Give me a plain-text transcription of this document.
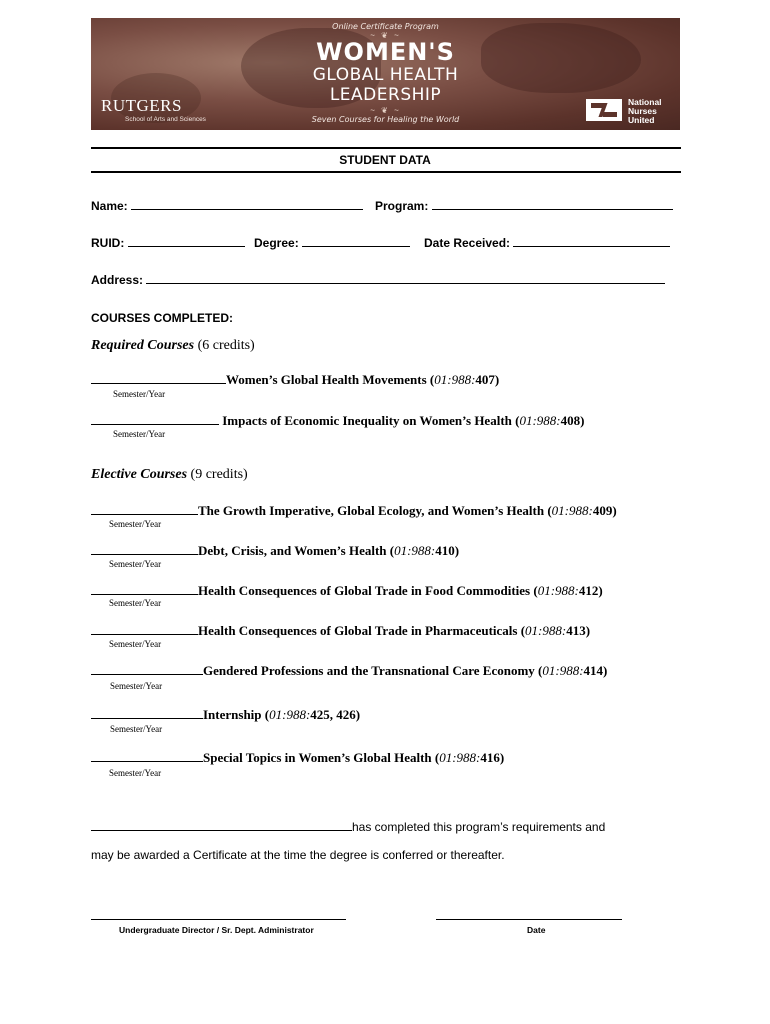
Online Certificate Program
~ ❦ ~
WOMEN'S
GLOBAL HEALTH
LEADERSHIP
~ ❦ ~
Seven Courses for Healing the World
RUTGERS
School of Arts and Sciences
National
Nurses
United
STUDENT DATA
Name:	Program:
RUID:	Degree:	Date Received:
Address:
COURSES COMPLETED:
Required Courses (6 credits)
Women’s Global Health Movements (01:988:407)
Semester/Year
Impacts of Economic Inequality on Women’s Health (01:988:408)
Semester/Year
Elective Courses (9 credits)
The Growth Imperative, Global Ecology, and Women’s Health (01:988:409)
Semester/Year
Debt, Crisis, and Women’s Health (01:988:410)
Semester/Year
Health Consequences of Global Trade in Food Commodities (01:988:412)
Semester/Year
Health Consequences of Global Trade in Pharmaceuticals (01:988:413)
Semester/Year
Gendered Professions and the Transnational Care Economy (01:988:414)
Semester/Year
Internship (01:988:425, 426)
Semester/Year
Special Topics in Women’s Global Health (01:988:416)
Semester/Year
has completed this program’s requirements and
may be awarded a Certificate at the time the degree is conferred or thereafter.
Undergraduate Director / Sr. Dept. Administrator	Date
